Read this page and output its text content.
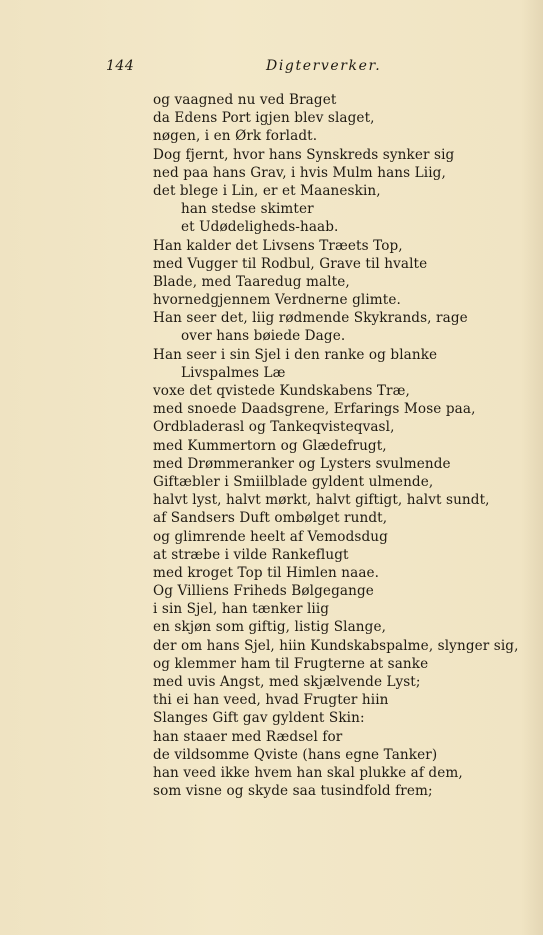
144	Digterverker.
og vaagned nu ved Braget
da Edens Port igjen blev slaget,
nøgen, i en Ørk forladt.
Dog fjernt, hvor hans Synskreds synker sig
ned paa hans Grav, i hvis Mulm hans Liig,
det blege i Lin, er et Maaneskin,
han stedse skimter
et Udødeligheds-haab.
Han kalder det Livsens Træets Top,
med Vugger til Rodbul, Grave til hvalte
Blade, med Taaredug malte,
hvornedgjennem Verdnerne glimte.
Han seer det, liig rødmende Skykrands, rage
over hans bøiede Dage.
Han seer i sin Sjel i den ranke og blanke
Livspalmes Læ
voxe det qvistede Kundskabens Træ,
med snoede Daadsgrene, Erfarings Mose paa,
Ordbladerasl og Tankeqvisteqvasl,
med Kummertorn og Glædefrugt,
med Drømmeranker og Lysters svulmende
Giftæbler i Smiilblade gyldent ulmende,
halvt lyst, halvt mørkt, halvt giftigt, halvt sundt,
af Sandsers Duft ombølget rundt,
og glimrende heelt af Vemodsdug
at stræbe i vilde Rankeflugt
med kroget Top til Himlen naae.
Og Villiens Friheds Bølgegange
i sin Sjel, han tænker liig
en skjøn som giftig, listig Slange,
der om hans Sjel, hiin Kundskabspalme, slynger sig,
og klemmer ham til Frugterne at sanke
med uvis Angst, med skjælvende Lyst;
thi ei han veed, hvad Frugter hiin
Slanges Gift gav gyldent Skin:
han staaer med Rædsel for
de vildsomme Qviste (hans egne Tanker)
han veed ikke hvem han skal plukke af dem,
som visne og skyde saa tusindfold frem;
